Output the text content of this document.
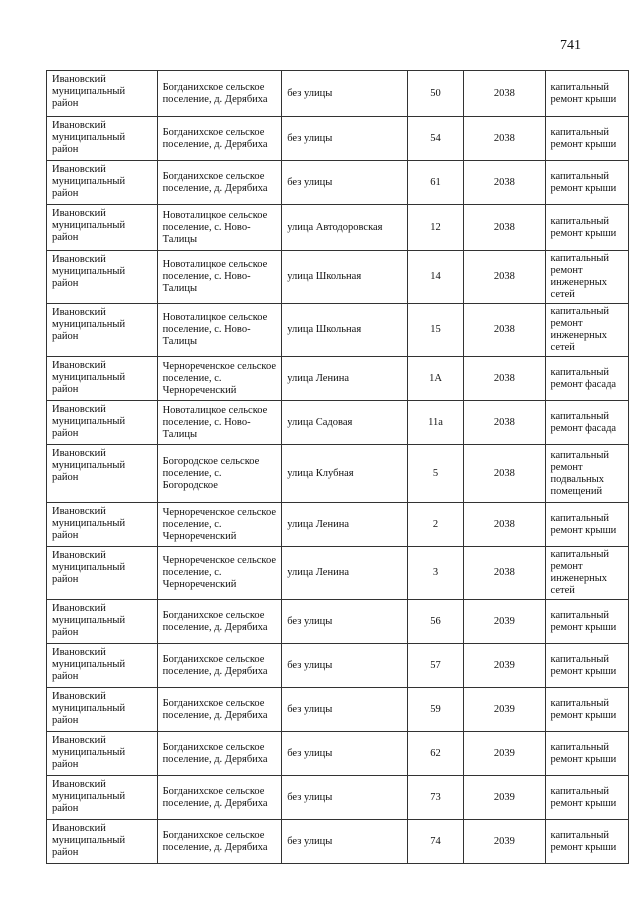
741
Ивановский муниципальный район	Богданихское сельское поселение, д. Дерябиха	без улицы	50	2038	капитальный ремонт крыши
Ивановский муниципальный район	Богданихское сельское поселение, д. Дерябиха	без улицы	54	2038	капитальный ремонт крыши
Ивановский муниципальный район	Богданихское сельское поселение, д. Дерябиха	без улицы	61	2038	капитальный ремонт крыши
Ивановский муниципальный район	Новоталицкое сельское поселение, с. Ново-Талицы	улица Автодоровская	12	2038	капитальный ремонт крыши
Ивановский муниципальный район	Новоталицкое сельское поселение, с. Ново-Талицы	улица Школьная	14	2038	капитальный ремонт инженерных сетей
Ивановский муниципальный район	Новоталицкое сельское поселение, с. Ново-Талицы	улица Школьная	15	2038	капитальный ремонт инженерных сетей
Ивановский муниципальный район	Чернореченское сельское поселение, с. Чернореченский	улица Ленина	1А	2038	капитальный ремонт фасада
Ивановский муниципальный район	Новоталицкое сельское поселение, с. Ново-Талицы	улица Садовая	11а	2038	капитальный ремонт фасада
Ивановский муниципальный район	Богородское сельское поселение, с. Богородское	улица Клубная	5	2038	капитальный ремонт подвальных помещений
Ивановский муниципальный район	Чернореченское сельское поселение, с. Чернореченский	улица Ленина	2	2038	капитальный ремонт крыши
Ивановский муниципальный район	Чернореченское сельское поселение, с. Чернореченский	улица Ленина	3	2038	капитальный ремонт инженерных сетей
Ивановский муниципальный район	Богданихское сельское поселение, д. Дерябиха	без улицы	56	2039	капитальный ремонт крыши
Ивановский муниципальный район	Богданихское сельское поселение, д. Дерябиха	без улицы	57	2039	капитальный ремонт крыши
Ивановский муниципальный район	Богданихское сельское поселение, д. Дерябиха	без улицы	59	2039	капитальный ремонт крыши
Ивановский муниципальный район	Богданихское сельское поселение, д. Дерябиха	без улицы	62	2039	капитальный ремонт крыши
Ивановский муниципальный район	Богданихское сельское поселение, д. Дерябиха	без улицы	73	2039	капитальный ремонт крыши
Ивановский муниципальный район	Богданихское сельское поселение, д. Дерябиха	без улицы	74	2039	капитальный ремонт крыши
